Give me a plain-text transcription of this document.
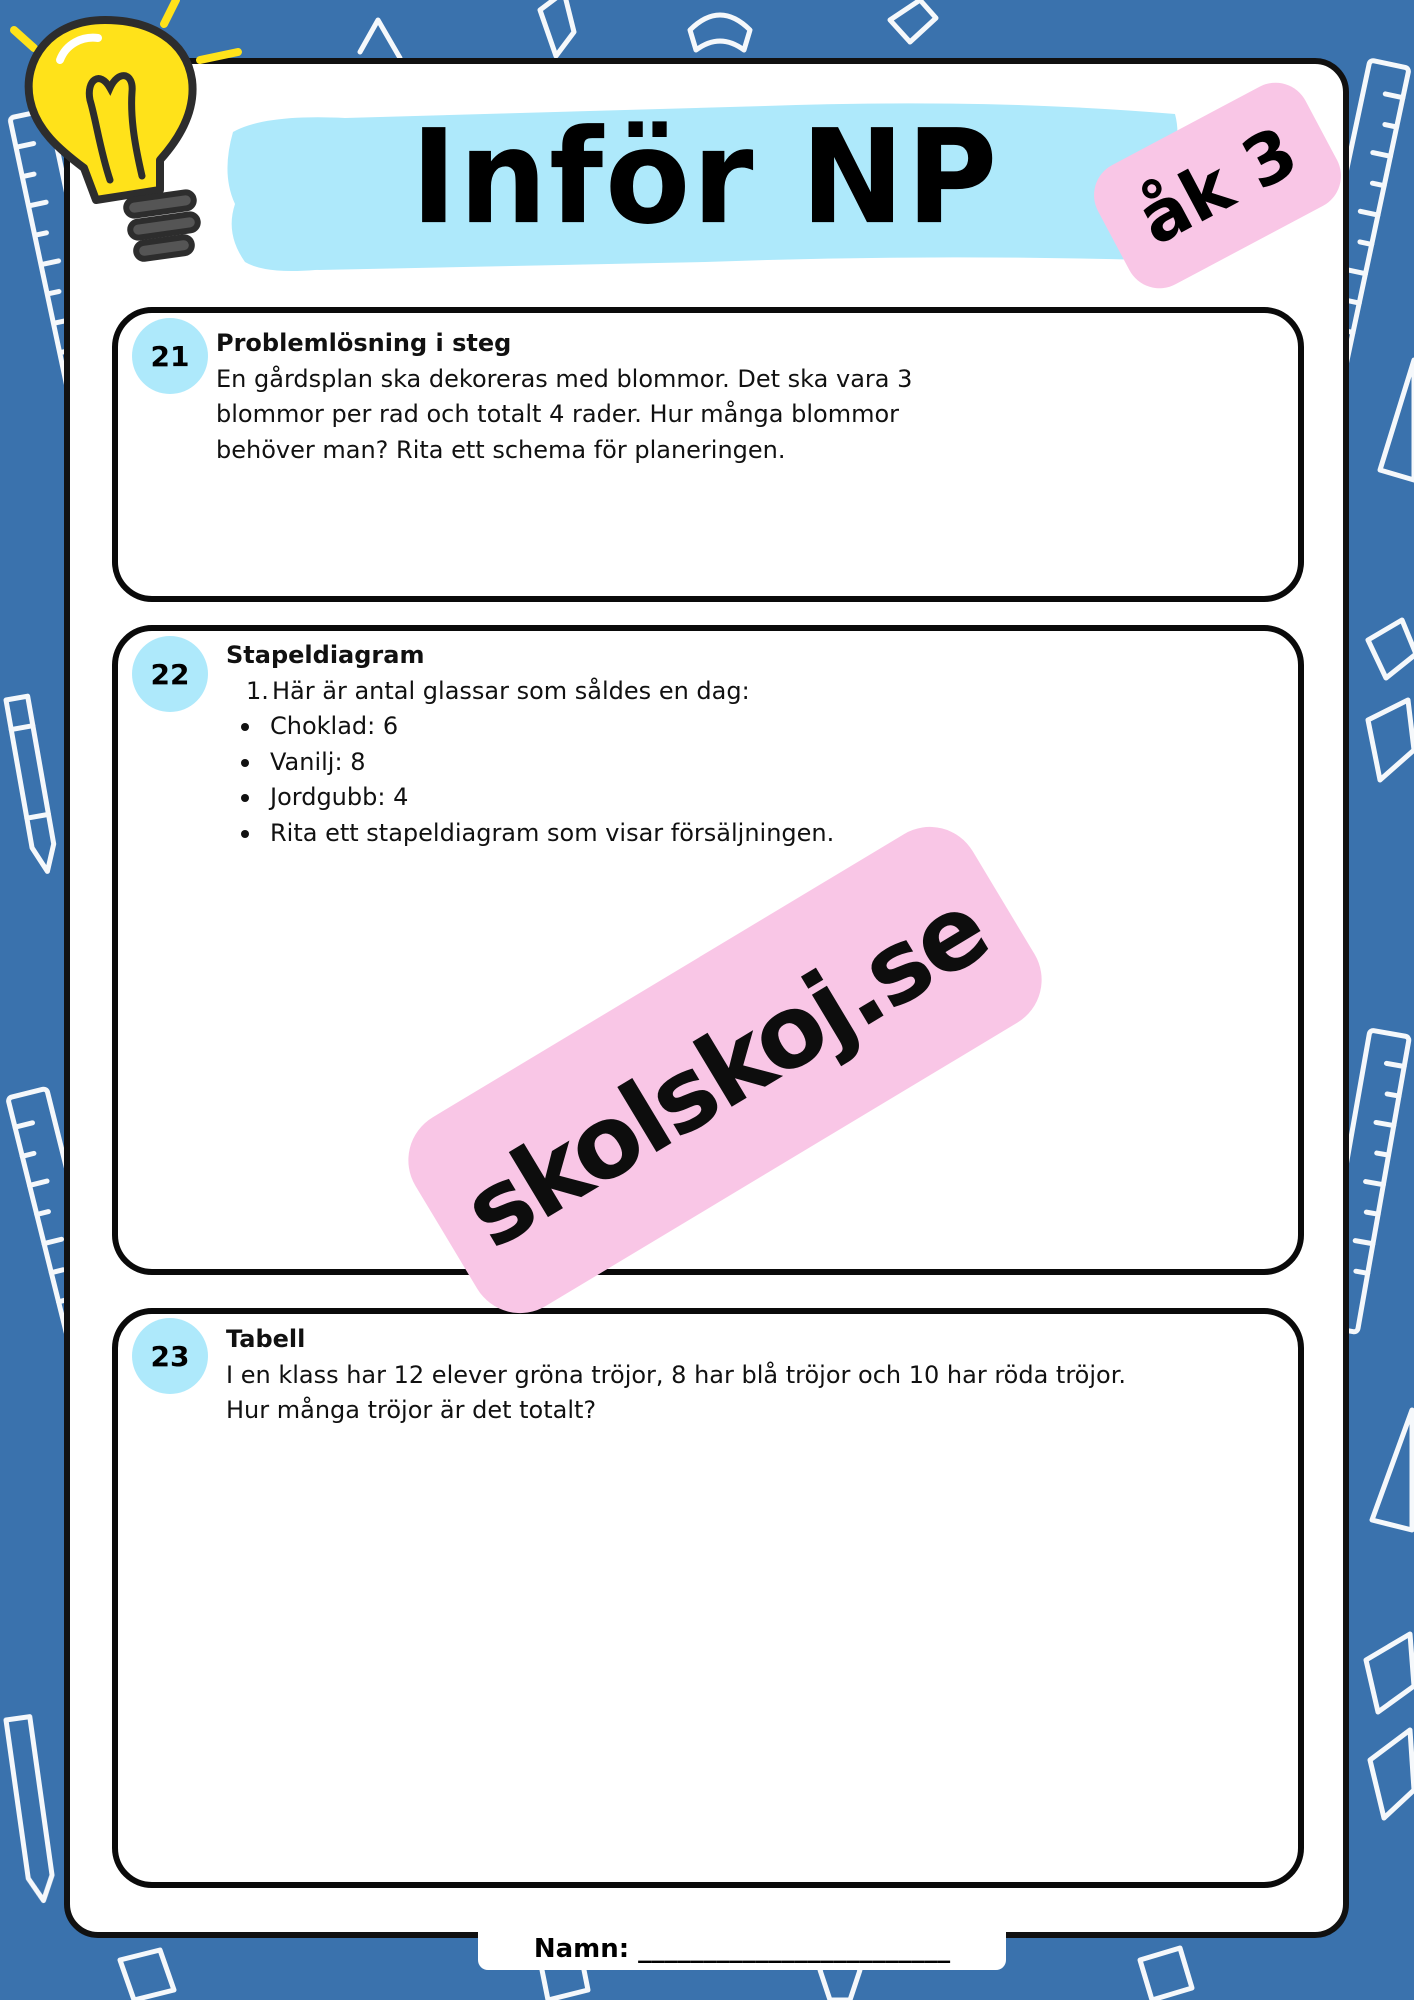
Inför NP	åk 3
21	Problemlösning i steg
En gårdsplan ska dekoreras med blommor. Det ska vara 3
blommor per rad och totalt 4 rader. Hur många blommor
behöver man? Rita ett schema för planeringen.
22
Stapeldiagram
1. Här är antal glassar som såldes en dag:
Choklad: 6
Vanilj: 8
Jordgubb: 4
Rita ett stapeldiagram som visar försäljningen.
23
Tabell
I en klass har 12 elever gröna tröjor, 8 har blå tröjor och 10 har röda tröjor.
Hur många tröjor är det totalt?
skolskoj.se
Namn: ________________________
